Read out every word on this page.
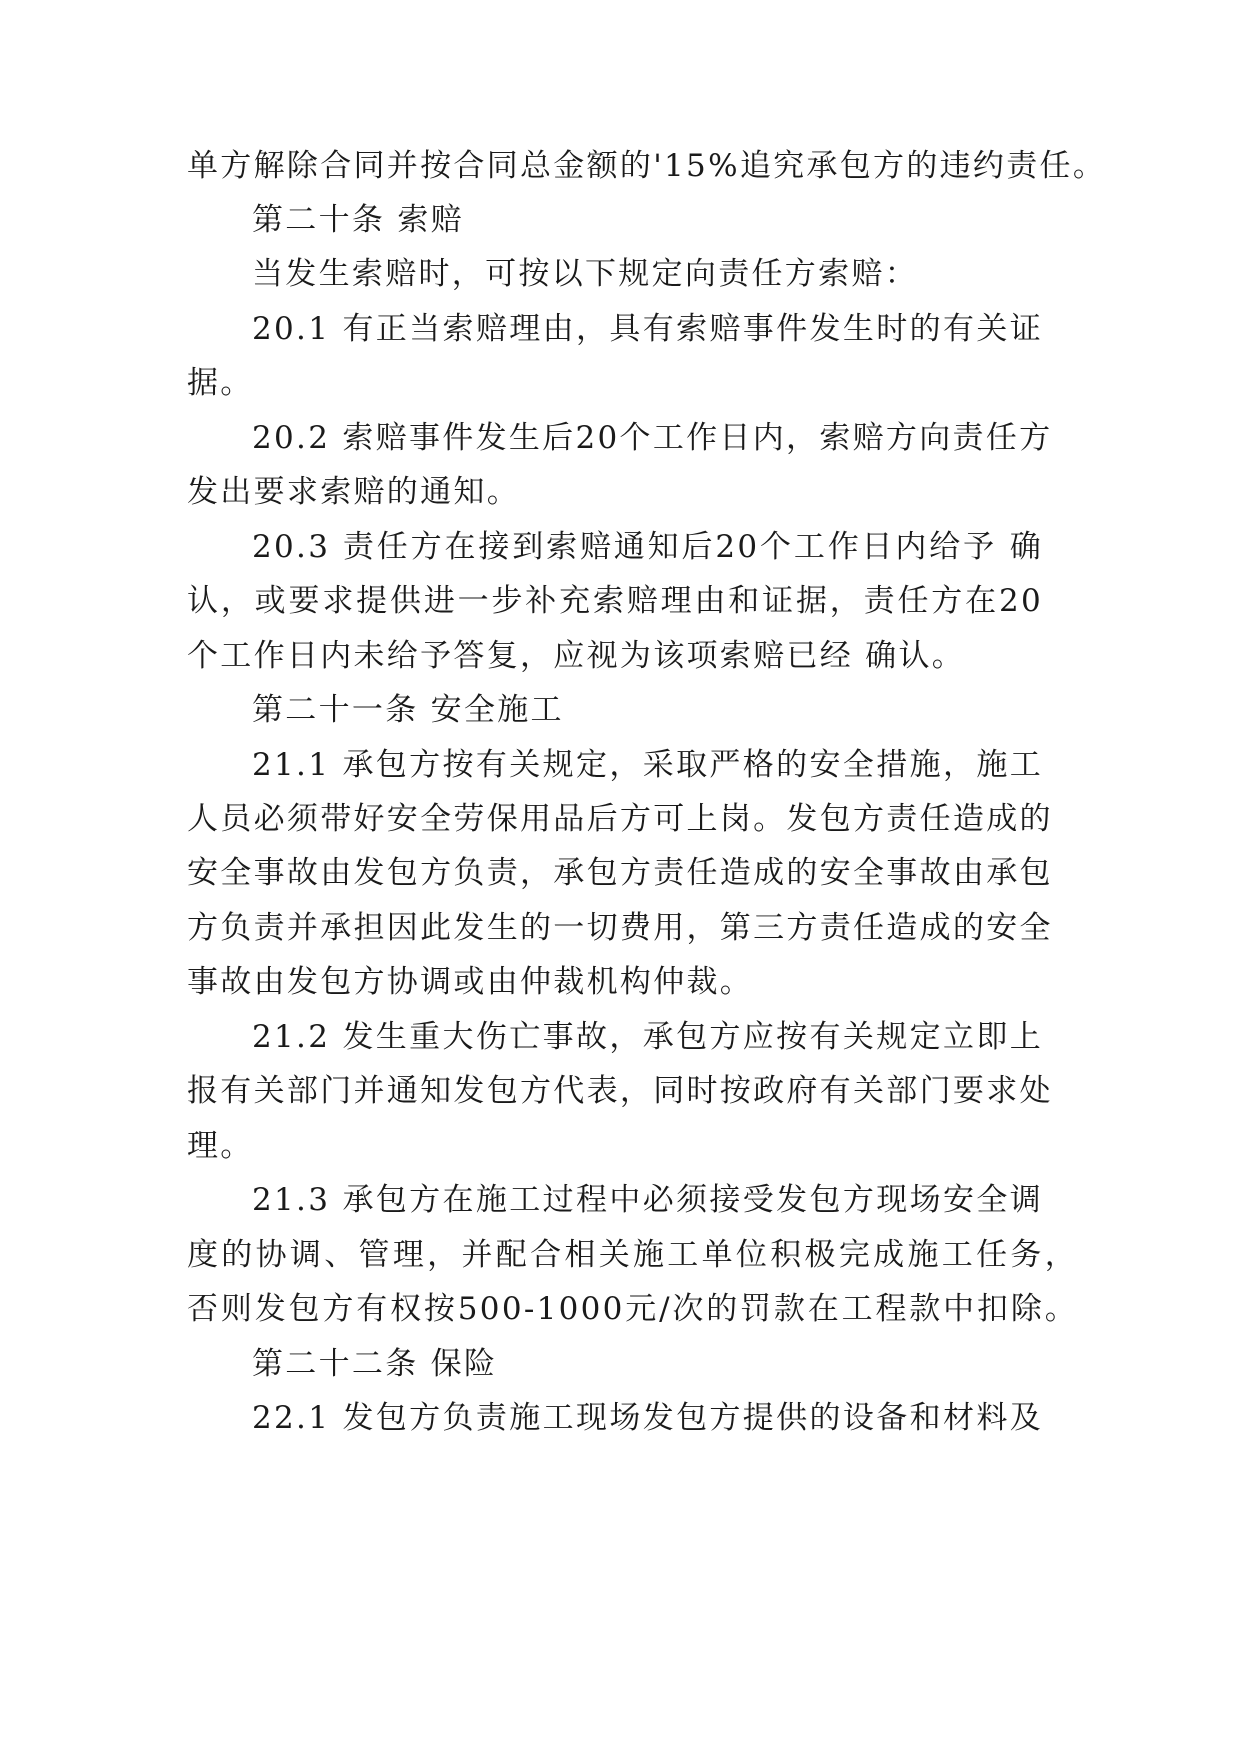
单方解除合同并按合同总金额的'15%追究承包方的违约责任。
第二十条 索赔
当发生索赔时，可按以下规定向责任方索赔：
20.1 有正当索赔理由，具有索赔事件发生时的有关证
据。
20.2 索赔事件发生后20个工作日内，索赔方向责任方
发出要求索赔的通知。
20.3 责任方在接到索赔通知后20个工作日内给予 确
认，或要求提供进一步补充索赔理由和证据，责任方在20
个工作日内未给予答复，应视为该项索赔已经 确认。
第二十一条 安全施工
21.1 承包方按有关规定，采取严格的安全措施，施工
人员必须带好安全劳保用品后方可上岗。发包方责任造成的
安全事故由发包方负责，承包方责任造成的安全事故由承包
方负责并承担因此发生的一切费用，第三方责任造成的安全
事故由发包方协调或由仲裁机构仲裁。
21.2 发生重大伤亡事故，承包方应按有关规定立即上
报有关部门并通知发包方代表，同时按政府有关部门要求处
理。
21.3 承包方在施工过程中必须接受发包方现场安全调
度的协调、管理，并配合相关施工单位积极完成施工任务，
否则发包方有权按500-1000元/次的罚款在工程款中扣除。
第二十二条 保险
22.1 发包方负责施工现场发包方提供的设备和材料及
